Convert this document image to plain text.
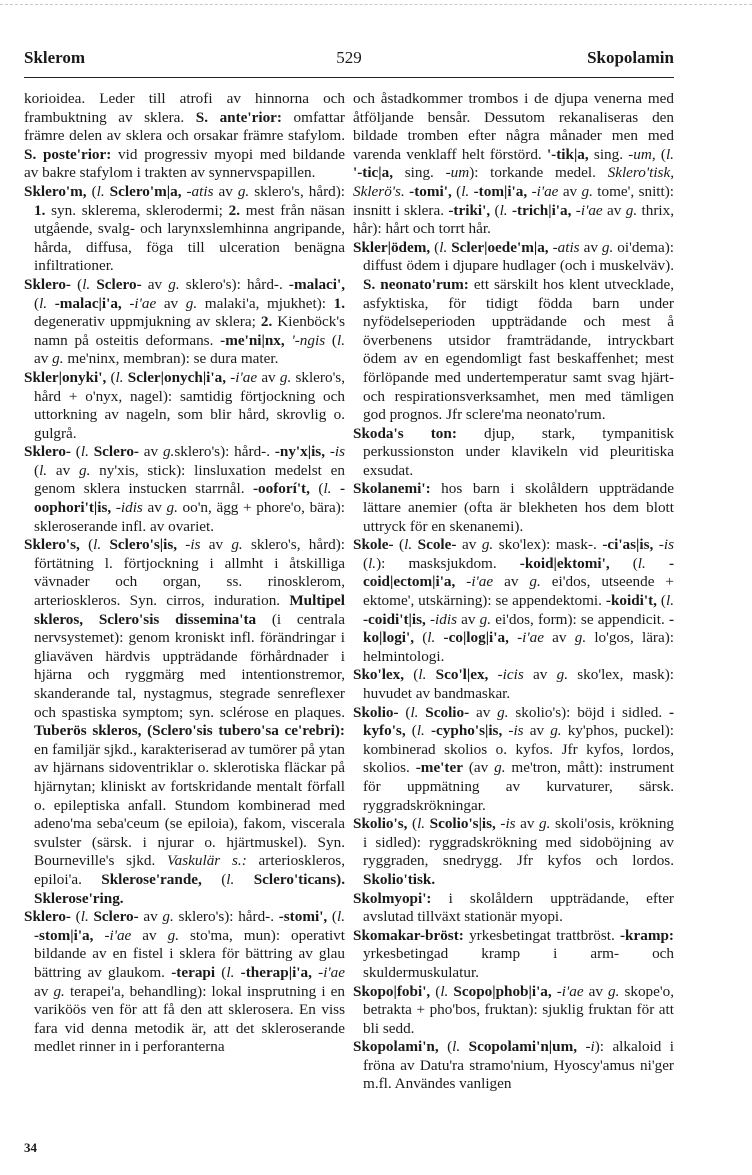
Sklerom	529	Skopolamin

korioidea. Leder till atrofi av hinnorna och frambuktning av sklera. S. ante'rior: omfattar främre delen av sklera och orsakar främre stafylom. S. poste'rior: vid progressiv myopi med bildande av bakre stafylom i trakten av synnervspapillen.

Sklero'm, (l. Sclero'm|a, -atis av g. sklero's, hård): 1. syn. sklerema, sklerodermi; 2. mest från näsan utgående, svalg- och larynxslemhinna angripande, hårda, diffusa, föga till ulceration benägna infiltrationer.

Sklero- (l. Sclero- av g. sklero's): hård-. -malaci', (l. -malac|i'a, -i'ae av g. malaki'a, mjukhet): 1. degenerativ uppmjukning av sklera; 2. Kienböck's namn på osteitis deformans. -me'ni|nx, '-ngis (l. av g. me'ninx, membran): se dura mater.

Skler|onyki', (l. Scler|onych|i'a, -i'ae av g. sklero's, hård + o'nyx, nagel): samtidig förtjockning och uttorkning av nageln, som blir hård, skrovlig o. gulgrå.

Sklero- (l. Sclero- av g.sklero's): hård-. -ny'x|is, -is (l. av g. ny'xis, stick): linsluxation medelst en genom sklera instucken starrnål. -ooforí't, (l. -oophori't|is, -idis av g. oo'n, ägg + phore'o, bära): skleroserande infl. av ovariet.

Sklero's, (l. Sclero's|is, -is av g. sklero's, hård): förtätning l. förtjockning i allmht i åtskilliga vävnader och organ, ss. rinosklerom, arterioskleros. Syn. cirros, induration. Multipel skleros, Sclero'sis dissemina'ta (i centrala nervsystemet): genom kroniskt infl. förändringar i gliaväven härdvis uppträdande förhårdnader i hjärna och ryggmärg med intentionstremor, skanderande tal, nystagmus, stegrade senreflexer och spastiska symptom; syn. sclérose en plaques. Tuberös skleros, (Sclero'sis tubero'sa ce'rebri): en familjär sjkd., karakteriserad av tumörer på ytan av hjärnans sidoventriklar o. sklerotiska fläckar på hjärnytan; kliniskt av fortskridande mentalt förfall o. epileptiska anfall. Stundom kombinerad med adeno'ma seba'ceum (se epiloia), fakom, viscerala svulster (särsk. i njurar o. hjärtmuskel). Syn. Bourneville's sjkd. Vaskulär s.: arterioskleros, epiloi'a. Sklerose'rande, (l. Sclero'ticans). Sklerose'ring.

Sklero- (l. Sclero- av g. sklero's): hård-. -stomi', (l. -stom|i'a, -i'ae av g. sto'ma, mun): operativt bildande av en fistel i sklera för bättring av glau bättring av glaukom. -terapi (l. -therap|i'a, -i'ae av g. terapei'a, behandling): lokal insprutning i en variköös ven för att få den att skleroserа. En viss fara vid denna metodik är, att det skleroserande medlet rinner in i perforanterna

och åstadkommer trombos i de djupa venerna med åtföljande bensår. Dessutom rekanaliseras den bildade tromben efter några månader men med varenda venklaff helt förstörd. '-tik|a, sing. -um, (l. '-tic|a, sing. -um): torkande medel. Sklero'tisk, Sklerö's. -tomi', (l. -tom|i'a, -i'ae av g. tome', snitt): insnitt i sklera. -triki', (l. -trich|i'a, -i'ae av g. thrix, hår): hårt och torrt hår.

Skler|ödem, (l. Scler|oede'm|a, -atis av g. oi'dema): diffust ödem i djupare hudlager (och i muskelväv). S. neonato'rum: ett särskilt hos klent utvecklade, asfyktiska, för tidigt födda barn under nyfödelseperioden uppträdande och mest å överbenens utsidor framträdande, intryckbart ödem av en egendomligt fast beskaffenhet; mest förlöpande med undertemperatur samt svag hjärt- och respirationsverksamhet, men med tämligen god prognos. Jfr sclere'ma neonato'rum.

Skoda's ton: djup, stark, tympanitisk perkussionston under klavikeln vid pleuritiska exsudat.

Skolanemi': hos barn i skolåldern uppträdande lättare anemier (ofta är blekheten hos dem blott uttryck för en skenanemi).

Skole- (l. Scole- av g. sko'lex): mask-. -ci'as|is, -is (l.): masksjukdom. -koid|ektomi', (l. -coid|ectom|i'a, -i'ae av g. ei'dos, utseende + ektome', utskärning): se appendektomi. -koidi't, (l. -coidi't|is, -idis av g. ei'dos, form): se appendicit. -ko|logi', (l. -co|log|i'a, -i'ae av g. lo'gos, lära): helmintologi.

Sko'lex, (l. Sco'l|ex, -icis av g. sko'lex, mask): huvudet av bandmaskar.

Skolio- (l. Scolio- av g. skolio's): böjd i sidled. -kyfo's, (l. -cypho's|is, -is av g. ky'phos, puckel): kombinerad skolios o. kyfos. Jfr kyfos, lordos, skolios. -me'ter (av g. me'tron, mått): instrument för uppmätning av kurvaturer, särsk. ryggradskrökningar.

Skolio's, (l. Scolio's|is, -is av g. skoli'osis, krökning i sidled): ryggradskrökning med sidoböjning av ryggraden, snedrygg. Jfr kyfos och lordos. Skolio'tisk.

Skolmyopi': i skolåldern uppträdande, efter avslutad tillväxt stationär myopi.

Skomakar-bröst: yrkesbetingat trattbröst. -kramp: yrkesbetingad kramp i arm- och skuldermuskulatur.

Skopo|fobi', (l. Scopo|phob|i'a, -i'ae av g. skope'o, betrakta + pho'bos, fruktan): sjuklig fruktan för att bli sedd.

Skopolami'n, (l. Scopolami'n|um, -i): alkaloid i fröna av Datu'ra stramo'nium, Hyoscy'amus ni'ger m.fl. Användes vanligen

34
